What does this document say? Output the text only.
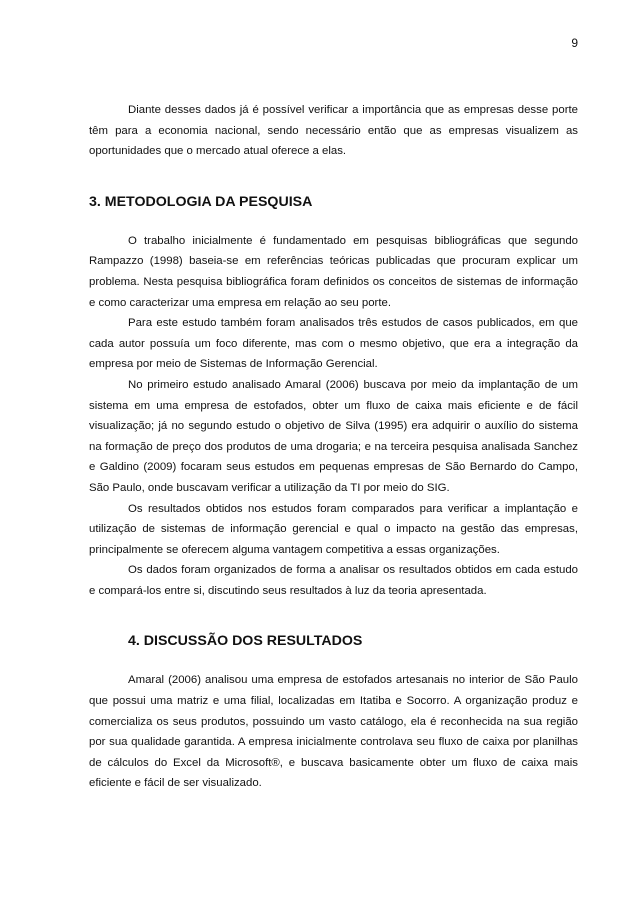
9

Diante desses dados já é possível verificar a importância que as empresas desse porte têm para a economia nacional, sendo necessário então que as empresas visualizem as oportunidades que o mercado atual oferece a elas.

3. METODOLOGIA DA PESQUISA

O trabalho inicialmente é fundamentado em pesquisas bibliográficas que segundo Rampazzo (1998) baseia-se em referências teóricas publicadas que procuram explicar um problema. Nesta pesquisa bibliográfica foram definidos os conceitos de sistemas de informação e como caracterizar uma empresa em relação ao seu porte.

Para este estudo também foram analisados três estudos de casos publicados, em que cada autor possuía um foco diferente, mas com o mesmo objetivo, que era a integração da empresa por meio de Sistemas de Informação Gerencial.

No primeiro estudo analisado Amaral (2006) buscava por meio da implantação de um sistema em uma empresa de estofados, obter um fluxo de caixa mais eficiente e de fácil visualização; já no segundo estudo o objetivo de Silva (1995) era adquirir o auxílio do sistema na formação de preço dos produtos de uma drogaria; e na terceira pesquisa analisada Sanchez e Galdino (2009) focaram seus estudos em pequenas empresas de São Bernardo do Campo, São Paulo, onde buscavam verificar a utilização da TI por meio do SIG.

Os resultados obtidos nos estudos foram comparados para verificar a implantação e utilização de sistemas de informação gerencial e qual o impacto na gestão das empresas, principalmente se oferecem alguma vantagem competitiva a essas organizações.

Os dados foram organizados de forma a analisar os resultados obtidos em cada estudo e compará-los entre si, discutindo seus resultados à luz da teoria apresentada.

4. DISCUSSÃO DOS RESULTADOS

Amaral (2006) analisou uma empresa de estofados artesanais no interior de São Paulo que possui uma matriz e uma filial, localizadas em Itatiba e Socorro. A organização produz e comercializa os seus produtos, possuindo um vasto catálogo, ela é reconhecida na sua região por sua qualidade garantida. A empresa inicialmente controlava seu fluxo de caixa por planilhas de cálculos do Excel da Microsoft®, e buscava basicamente obter um fluxo de caixa mais eficiente e fácil de ser visualizado.
